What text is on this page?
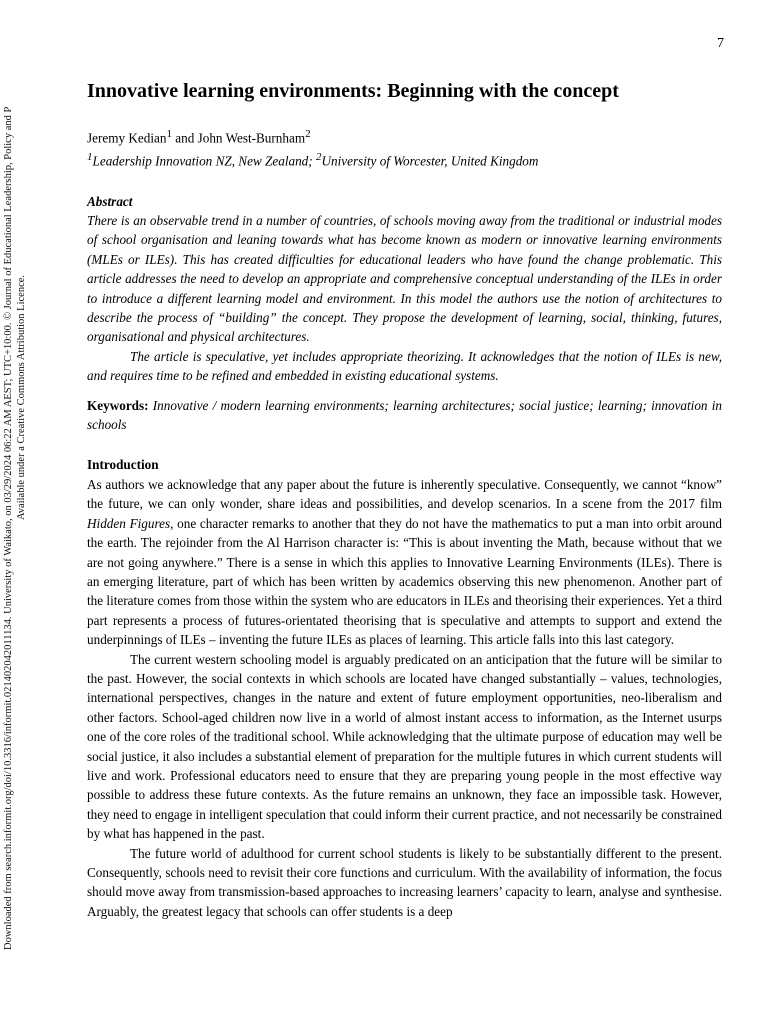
Downloaded from search.informit.org/doi/10.3316/informit.021402042011134. University of Waikato, on 03/29/2024 06:22 AM AEST; UTC+10:00. © Journal of Educational Leadership, Policy and P Available under a Creative Commons Attribution Licence.
7
Innovative learning environments: Beginning with the concept

Jeremy Kedian$^1$ and John West-Burnham$^2$

$^1$Leadership Innovation NZ, New Zealand; $^2$University of Worcester, United Kingdom

Abstract

There is an observable trend in a number of countries, of schools moving away from the traditional or industrial modes of school organisation and leaning towards what has become known as modern or innovative learning environments (MLEs or ILEs). This has created difficulties for educational leaders who have found the change problematic. This article addresses the need to develop an appropriate and comprehensive conceptual understanding of the ILEs in order to introduce a different learning model and environment. In this model the authors use the notion of architectures to describe the process of “building” the concept. They propose the development of learning, social, thinking, futures, organisational and physical architectures.

The article is speculative, yet includes appropriate theorizing. It acknowledges that the notion of ILEs is new, and requires time to be refined and embedded in existing educational systems.

Keywords: Innovative / modern learning environments; learning architectures; social justice; learning; innovation in schools

Introduction

As authors we acknowledge that any paper about the future is inherently speculative. Consequently, we cannot “know” the future, we can only wonder, share ideas and possibilities, and develop scenarios. In a scene from the 2017 film Hidden Figures, one character remarks to another that they do not have the mathematics to put a man into orbit around the earth. The rejoinder from the Al Harrison character is: “This is about inventing the Math, because without that we are not going anywhere.” There is a sense in which this applies to Innovative Learning Environments (ILEs). There is an emerging literature, part of which has been written by academics observing this new phenomenon. Another part of the literature comes from those within the system who are educators in ILEs and theorising their experiences. Yet a third part represents a process of futures-orientated theorising that is speculative and attempts to support and extend the underpinnings of ILEs – inventing the future ILEs as places of learning. This article falls into this last category.

The current western schooling model is arguably predicated on an anticipation that the future will be similar to the past. However, the social contexts in which schools are located have changed substantially – values, technologies, international perspectives, changes in the nature and extent of future employment opportunities, neo-liberalism and other factors. School-aged children now live in a world of almost instant access to information, as the Internet usurps one of the core roles of the traditional school. While acknowledging that the ultimate purpose of education may well be social justice, it also includes a substantial element of preparation for the multiple futures in which current students will live and work. Professional educators need to ensure that they are preparing young people in the most effective way possible to address these future contexts. As the future remains an unknown, they face an impossible task. However, they need to engage in intelligent speculation that could inform their current practice, and not necessarily be constrained by what has happened in the past.

The future world of adulthood for current school students is likely to be substantially different to the present. Consequently, schools need to revisit their core functions and curriculum. With the availability of information, the focus should move away from transmission-based approaches to increasing learners’ capacity to learn, analyse and synthesise. Arguably, the greatest legacy that schools can offer students is a deep
